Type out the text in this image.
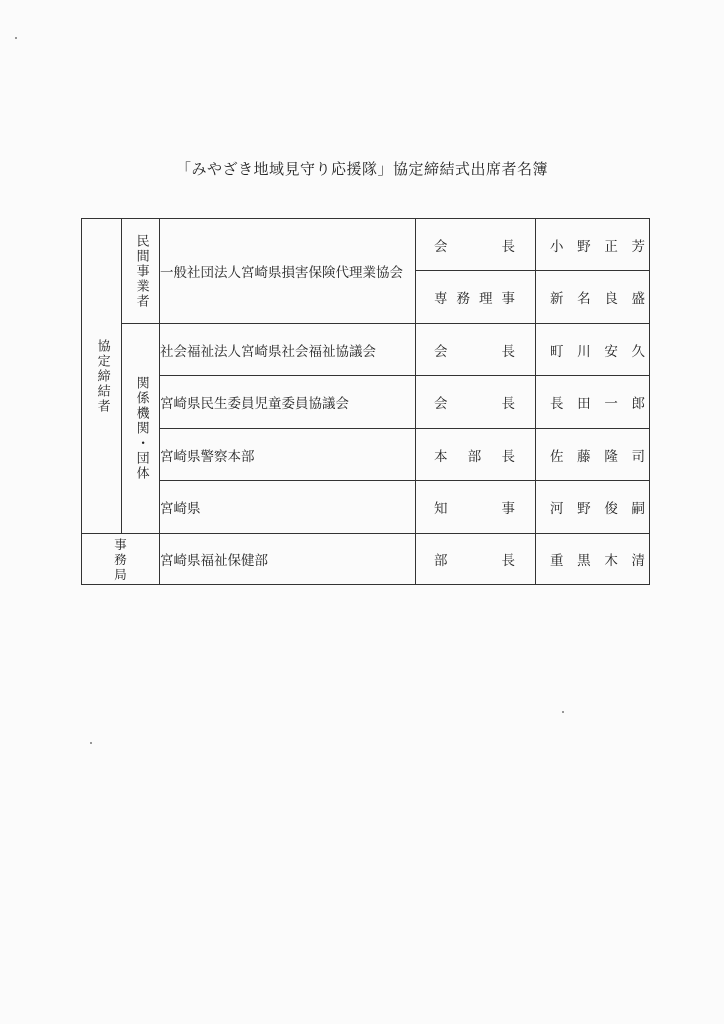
「みやざき地域見守り応援隊」協定締結式出席者名簿
協定締結者	民間事業者	一般社団法人宮崎県損害保険代理業協会	会 長	小 野 正 芳

			専 務 理 事	新 名 良 盛

	関係機関・団体	社会福祉法人宮崎県社会福祉協議会	会 長	町 川 安 久

		宮崎県民生委員児童委員協議会	会 長	長 田 一 郎

		宮崎県警察本部	本 部 長	佐 藤 隆 司

		宮崎県	知 事	河 野 俊 嗣

事
務
局		宮崎県福祉保健部	部 長	重 黒 木 清
